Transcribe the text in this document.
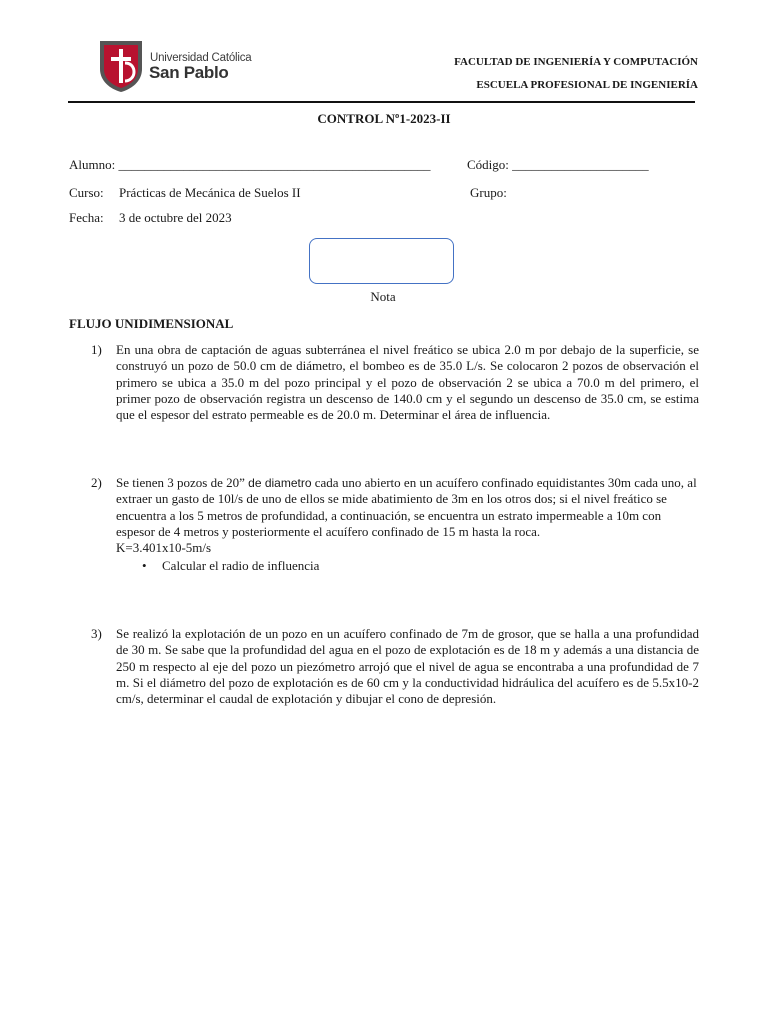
Universidad Católica
San Pablo
FACULTAD DE INGENIERÍA Y COMPUTACIÓN
ESCUELA PROFESIONAL DE INGENIERÍA
CONTROL Nº1-2023-II
Alumno: ________________________________________________	Código: _____________________
Curso: Prácticas de Mecánica de Suelos II	Grupo:
Fecha: 3 de octubre del 2023
Nota
FLUJO UNIDIMENSIONAL
1) En una obra de captación de aguas subterránea el nivel freático se ubica 2.0 m por debajo de la superficie, se construyó un pozo de 50.0 cm de diámetro, el bombeo es de 35.0 L/s. Se colocaron 2 pozos de observación el primero se ubica a 35.0 m del pozo principal y el pozo de observación 2 se ubica a 70.0 m del primero, el primer pozo de observación registra un descenso de 140.0 cm y el segundo un descenso de 35.0 cm, se estima que el espesor del estrato permeable es de 20.0 m. Determinar el área de influencia.
2) Se tienen 3 pozos de 20” de diametro cada uno abierto en un acuífero confinado equidistantes 30m cada uno, al extraer un gasto de 10l/s de uno de ellos se mide abatimiento de 3m en los otros dos; si el nivel freático se encuentra a los 5 metros de profundidad, a continuación, se encuentra un estrato impermeable a 10m con espesor de 4 metros y posteriormente el acuífero confinado de 15 m hasta la roca.
K=3.401x10-5m/s
• Calcular el radio de influencia
3) Se realizó la explotación de un pozo en un acuífero confinado de 7m de grosor, que se halla a una profundidad de 30 m. Se sabe que la profundidad del agua en el pozo de explotación es de 18 m y además a una distancia de 250 m respecto al eje del pozo un piezómetro arrojó que el nivel de agua se encontraba a una profundidad de 7 m. Si el diámetro del pozo de explotación es de 60 cm y la conductividad hidráulica del acuífero es de 5.5x10-2 cm/s, determinar el caudal de explotación y dibujar el cono de depresión.
